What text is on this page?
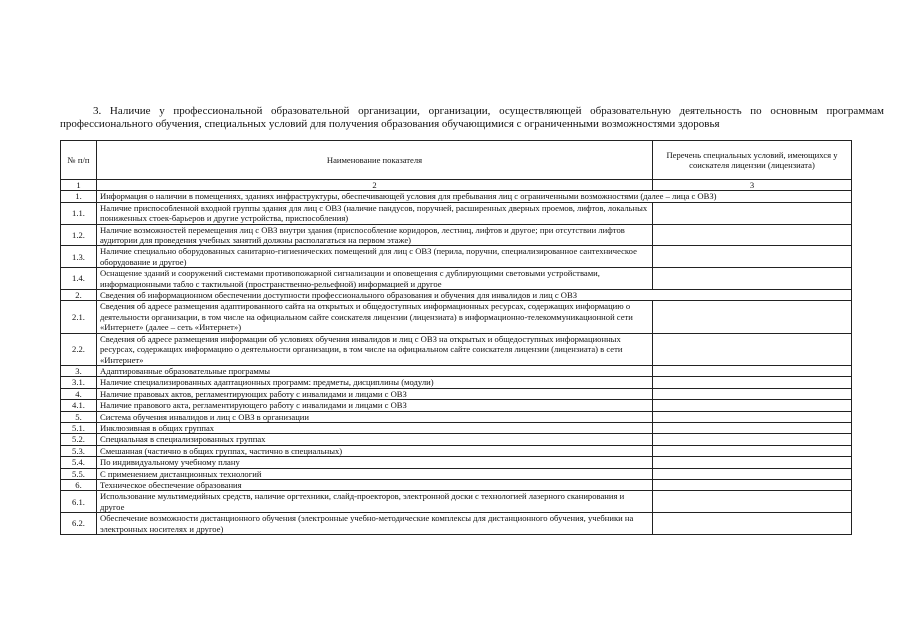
3. Наличие у профессиональной образовательной организации, организации, осуществляющей образовательную деятельность по основным программам профессионального обучения, специальных условий для получения образования обучающимися с ограниченными возможностями здоровья

№ п/п	Наименование показателя	Перечень специальных условий, имеющихся у соискателя лицензии (лицензиата)
1	2	3
1.	Информация о наличии в помещениях, зданиях инфраструктуры, обеспечивающей условия для пребывания лиц с ограниченными возможностями (далее – лица с ОВЗ)	
1.1.	Наличие приспособленной входной группы здания для лиц с ОВЗ (наличие пандусов, поручней, расширенных дверных проемов, лифтов, локальных пониженных стоек-барьеров и другие устройства, приспособления)	
1.2.	Наличие возможностей перемещения лиц с ОВЗ внутри здания (приспособление коридоров, лестниц, лифтов и другое; при отсутствии лифтов аудитории для проведения учебных занятий должны располагаться на первом этаже)	
1.3.	Наличие специально оборудованных санитарно-гигиенических помещений для лиц с ОВЗ (перила, поручни, специализированное сантехническое оборудование и другое)	
1.4.	Оснащение зданий и сооружений системами противопожарной сигнализации и оповещения с дублирующими световыми устройствами, информационными табло с тактильной (пространственно-рельефной) информацией и другое	
2.	Сведения об информационном обеспечении доступности профессионального образования и обучения для инвалидов и лиц с ОВЗ	
2.1.	Сведения об адресе размещения адаптированного сайта на открытых и общедоступных информационных ресурсах, содержащих информацию о деятельности организации, в том числе на официальном сайте соискателя лицензии (лицензиата) в информационно-телекоммуникационной сети «Интернет» (далее – сеть «Интернет»)	
2.2.	Сведения об адресе размещения информации об условиях обучения инвалидов и лиц с ОВЗ на открытых и общедоступных информационных ресурсах, содержащих информацию о деятельности организации, в том числе на официальном сайте соискателя лицензии (лицензиата) в сети «Интернет»	
3.	Адаптированные образовательные программы	
3.1.	Наличие специализированных адаптационных программ: предметы, дисциплины (модули)	
4.	Наличие правовых актов, регламентирующих работу с инвалидами и лицами с ОВЗ	
4.1.	Наличие правового акта, регламентирующего работу с инвалидами и лицами с ОВЗ	
5.	Система обучения инвалидов и лиц с ОВЗ в организации	
5.1.	Инклюзивная в общих группах	
5.2.	Специальная в специализированных группах	
5.3.	Смешанная (частично в общих группах, частично в специальных)	
5.4.	По индивидуальному учебному плану	
5.5.	С применением дистанционных технологий	
6.	Техническое обеспечение образования	
6.1.	Использование мультимедийных средств, наличие оргтехники, слайд-проекторов, электронной доски с технологией лазерного сканирования и другое	
6.2.	Обеспечение возможности дистанционного обучения (электронные учебно-методические комплексы для дистанционного обучения, учебники на электронных носителях и другое)	
